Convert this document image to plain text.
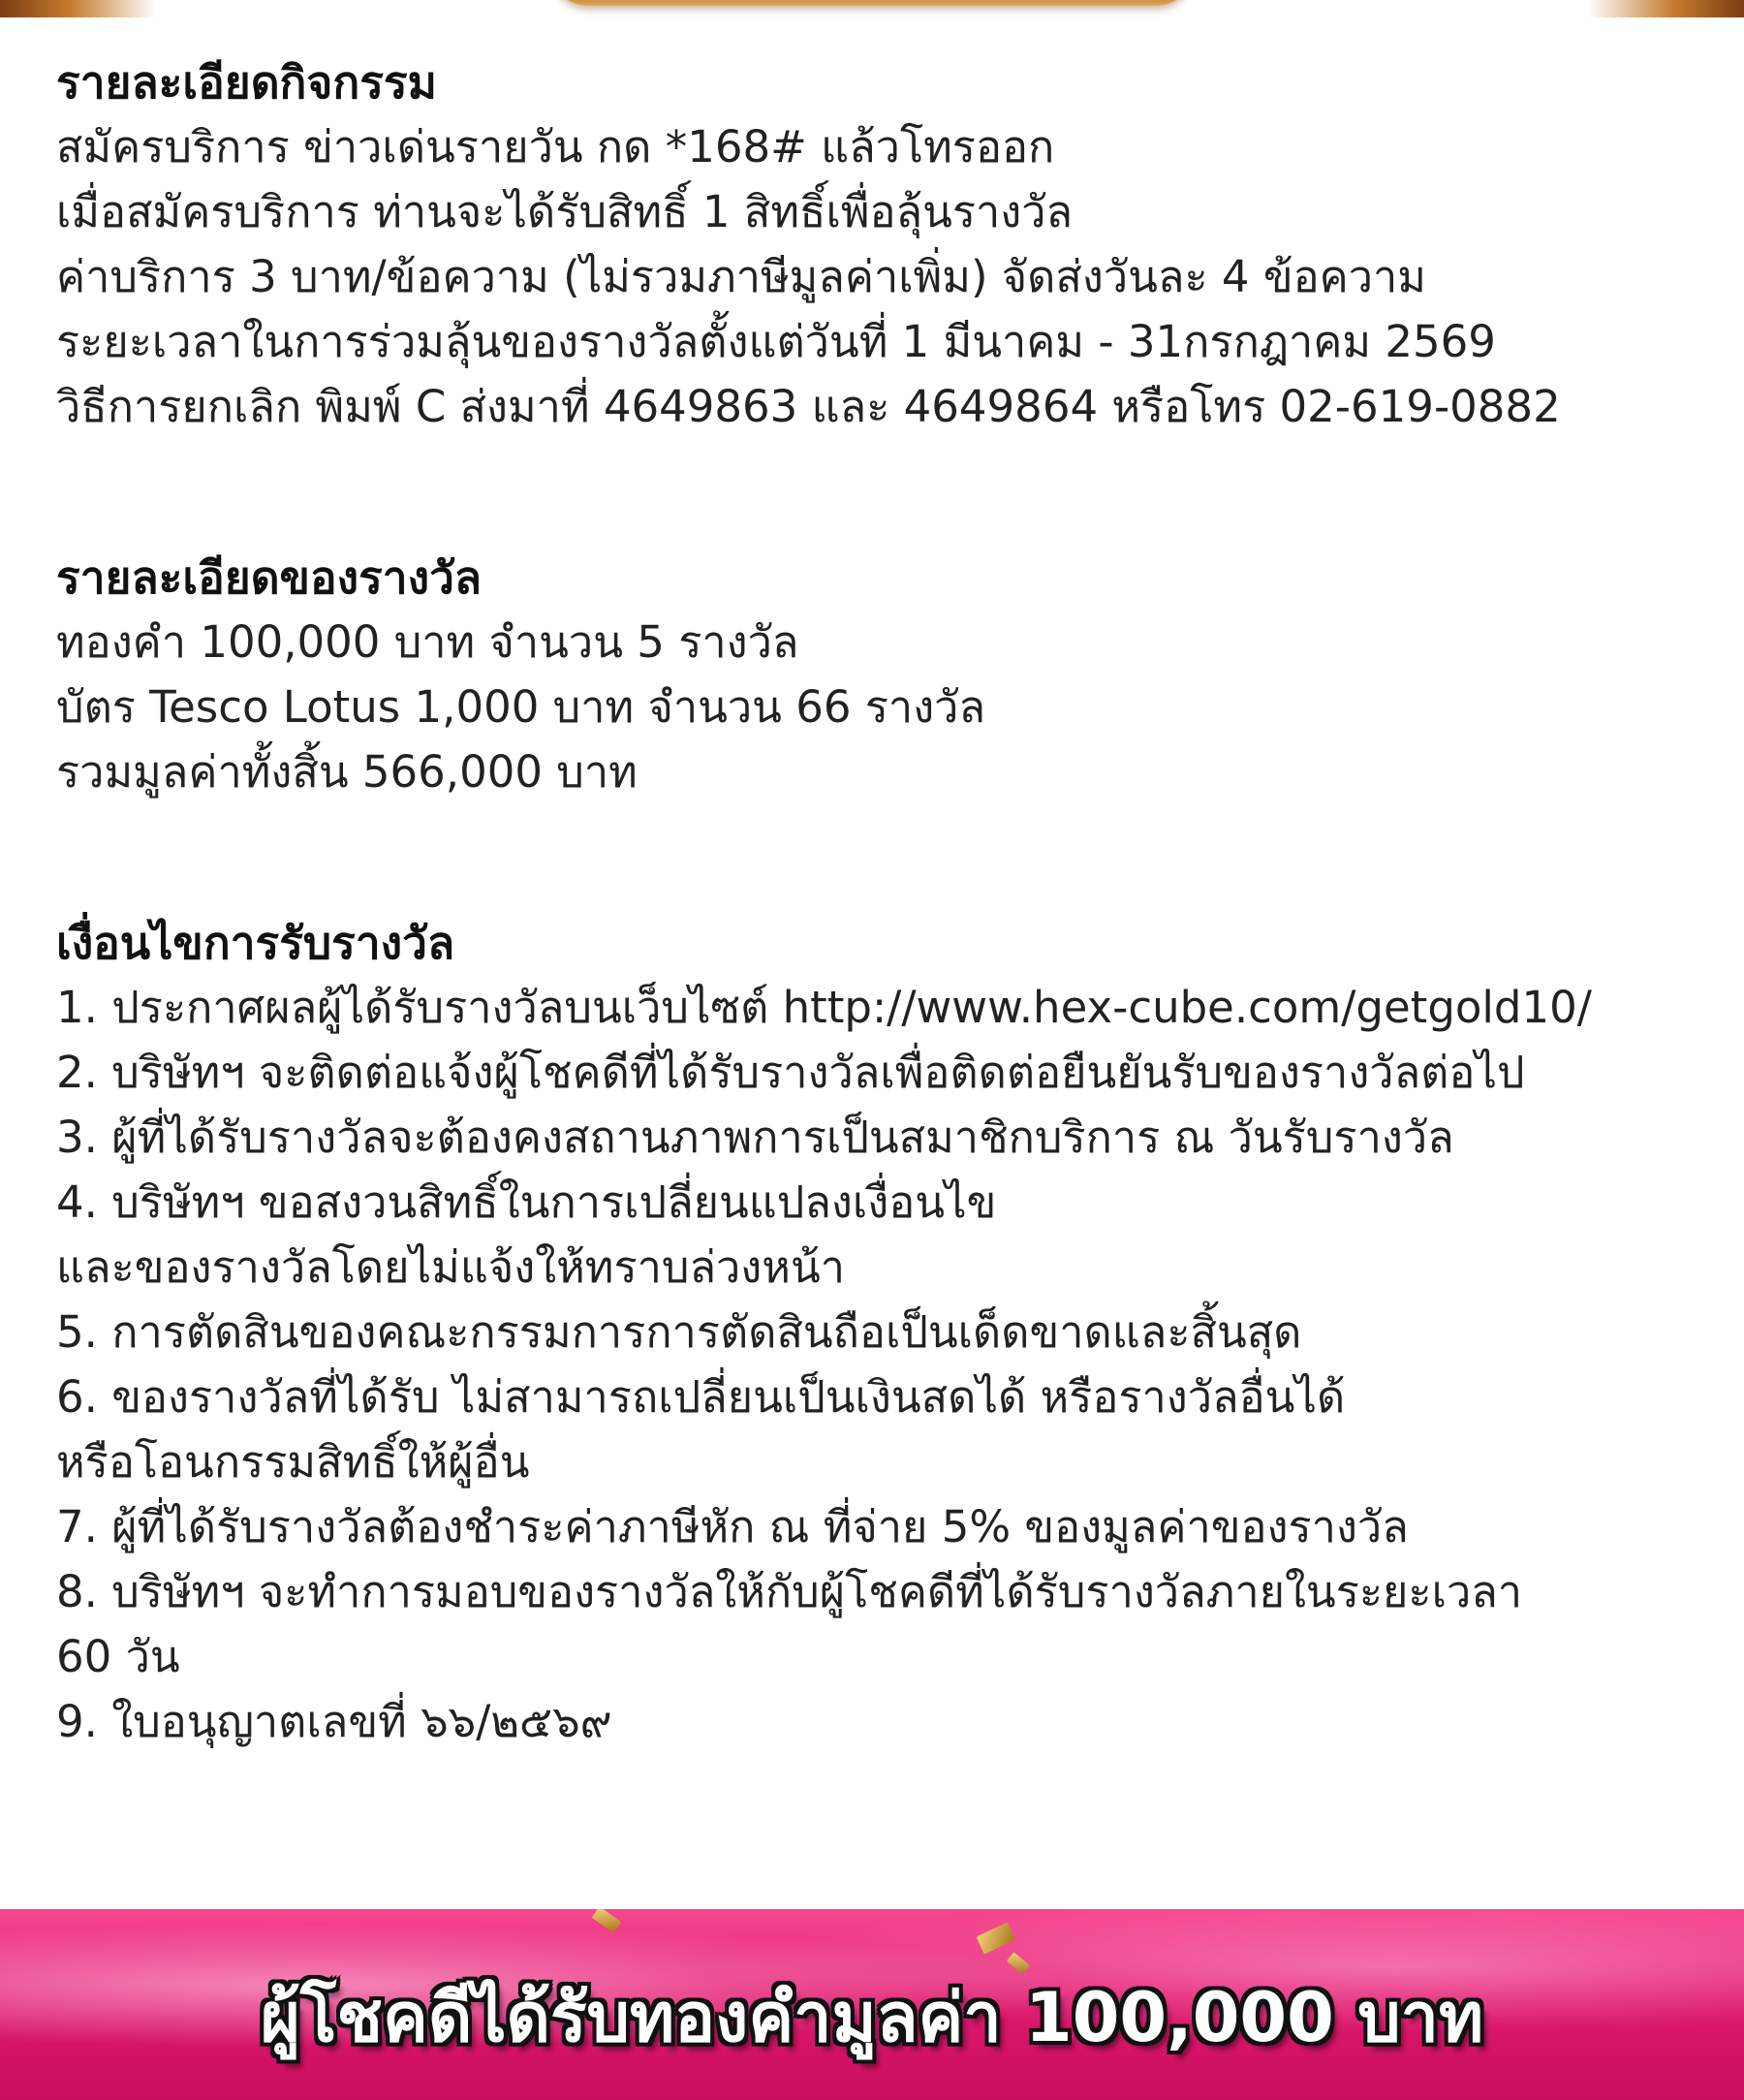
รายละเอียดกิจกรรม

สมัครบริการ ข่าวเด่นรายวัน กด *168# แล้วโทรออก

เมื่อสมัครบริการ ท่านจะได้รับสิทธิ์ 1 สิทธิ์เพื่อลุ้นรางวัล

ค่าบริการ 3 บาท/ข้อความ (ไม่รวมภาษีมูลค่าเพิ่ม) จัดส่งวันละ 4 ข้อความ

ระยะเวลาในการร่วมลุ้นของรางวัลตั้งแต่วันที่ 1 มีนาคม - 31กรกฎาคม 2569

วิธีการยกเลิก พิมพ์ C ส่งมาที่ 4649863 และ 4649864 หรือโทร 02-619-0882

รายละเอียดของรางวัล

ทองคำ 100,000 บาท จำนวน 5 รางวัล

บัตร Tesco Lotus 1,000 บาท จำนวน 66 รางวัล

รวมมูลค่าทั้งสิ้น 566,000 บาท

เงื่อนไขการรับรางวัล

1. ประกาศผลผู้ได้รับรางวัลบนเว็บไซต์ http://www.hex-cube.com/getgold10/

2. บริษัทฯ จะติดต่อแจ้งผู้โชคดีที่ได้รับรางวัลเพื่อติดต่อยืนยันรับของรางวัลต่อไป

3. ผู้ที่ได้รับรางวัลจะต้องคงสถานภาพการเป็นสมาชิกบริการ ณ วันรับรางวัล

4. บริษัทฯ ขอสงวนสิทธิ์ในการเปลี่ยนแปลงเงื่อนไข

และของรางวัลโดยไม่แจ้งให้ทราบล่วงหน้า

5. การตัดสินของคณะกรรมการการตัดสินถือเป็นเด็ดขาดและสิ้นสุด

6. ของรางวัลที่ได้รับ ไม่สามารถเปลี่ยนเป็นเงินสดได้ หรือรางวัลอื่นได้

หรือโอนกรรมสิทธิ์ให้ผู้อื่น

7. ผู้ที่ได้รับรางวัลต้องชำระค่าภาษีหัก ณ ที่จ่าย 5% ของมูลค่าของรางวัล

8. บริษัทฯ จะทำการมอบของรางวัลให้กับผู้โชคดีที่ได้รับรางวัลภายในระยะเวลา

60 วัน

9. ใบอนุญาตเลขที่ ๖๖/๒๕๖๙

ผู้โชคดีได้รับทองคำมูลค่า 100,000 บาท
